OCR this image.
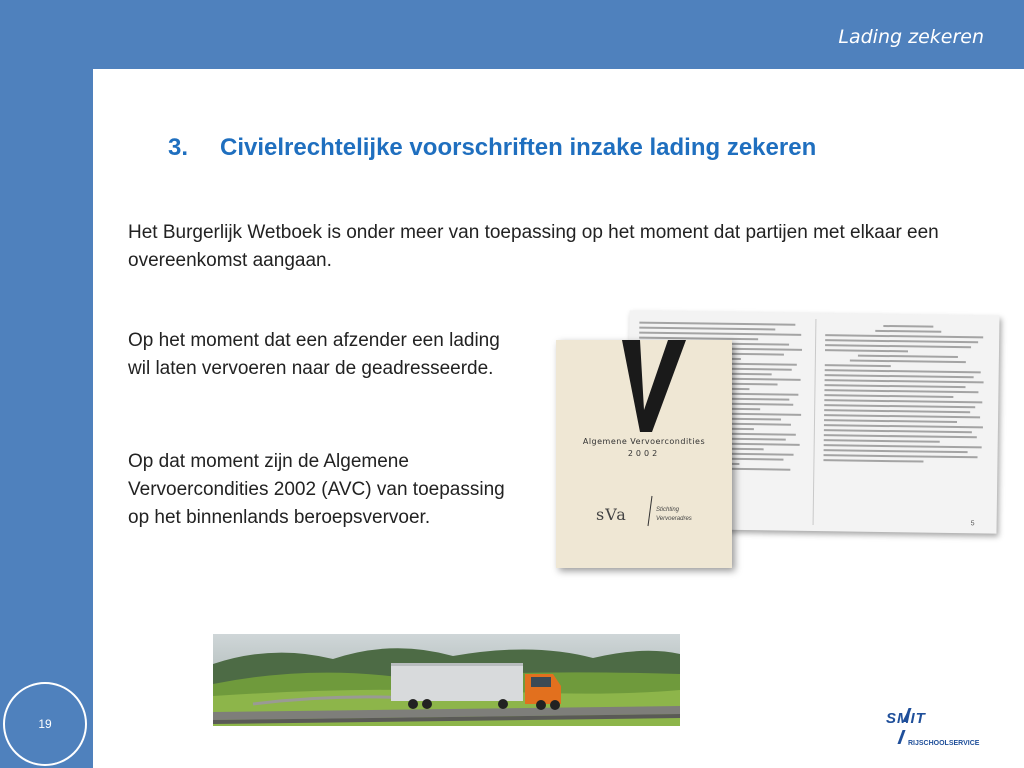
Lading zekeren
19
3. Civielrechtelijke voorschriften inzake lading zekeren

Het Burgerlijk Wetboek is onder meer van toepassing op het moment dat partijen met elkaar een overeenkomst aangaan.

Op het moment dat een afzender een lading wil laten vervoeren naar de geadresseerde.

Op dat moment zijn de Algemene Vervoercondities 2002 (AVC) van toepassing op het binnenlands beroepsvervoer.	5
Algemene Vervoercondities
2002
sVa	Stichting
Vervoeradres
SMIT
RIJSCHOOLSERVICE
